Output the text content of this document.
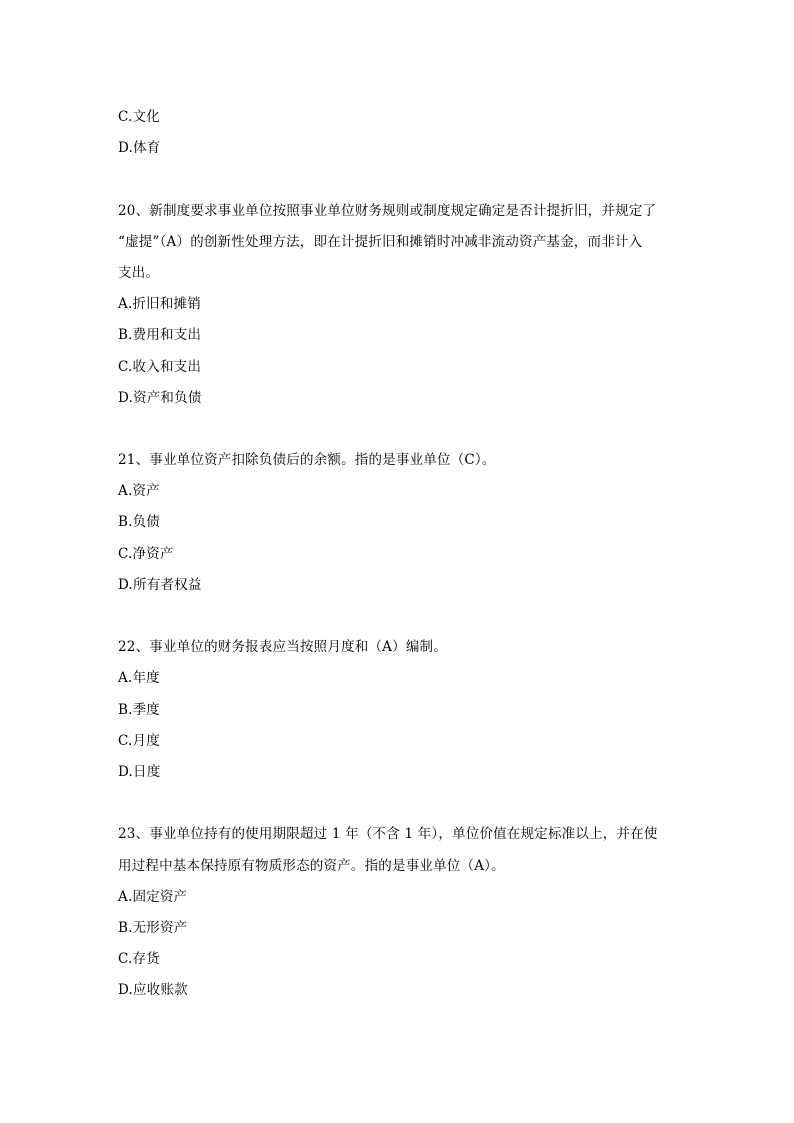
C.文化
D.体育
20、新制度要求事业单位按照事业单位财务规则或制度规定确定是否计提折旧，并规定了
“虚提”（A）的创新性处理方法，即在计提折旧和摊销时冲减非流动资产基金，而非计入
支出。
A.折旧和摊销
B.费用和支出
C.收入和支出
D.资产和负债
21、事业单位资产扣除负债后的余额。指的是事业单位（C）。
A.资产
B.负债
C.净资产
D.所有者权益
22、事业单位的财务报表应当按照月度和（A）编制。
A.年度
B.季度
C.月度
D.日度
23、事业单位持有的使用期限超过 1 年（不含 1 年），单位价值在规定标准以上，并在使
用过程中基本保持原有物质形态的资产。指的是事业单位（A）。
A.固定资产
B.无形资产
C.存货
D.应收账款
